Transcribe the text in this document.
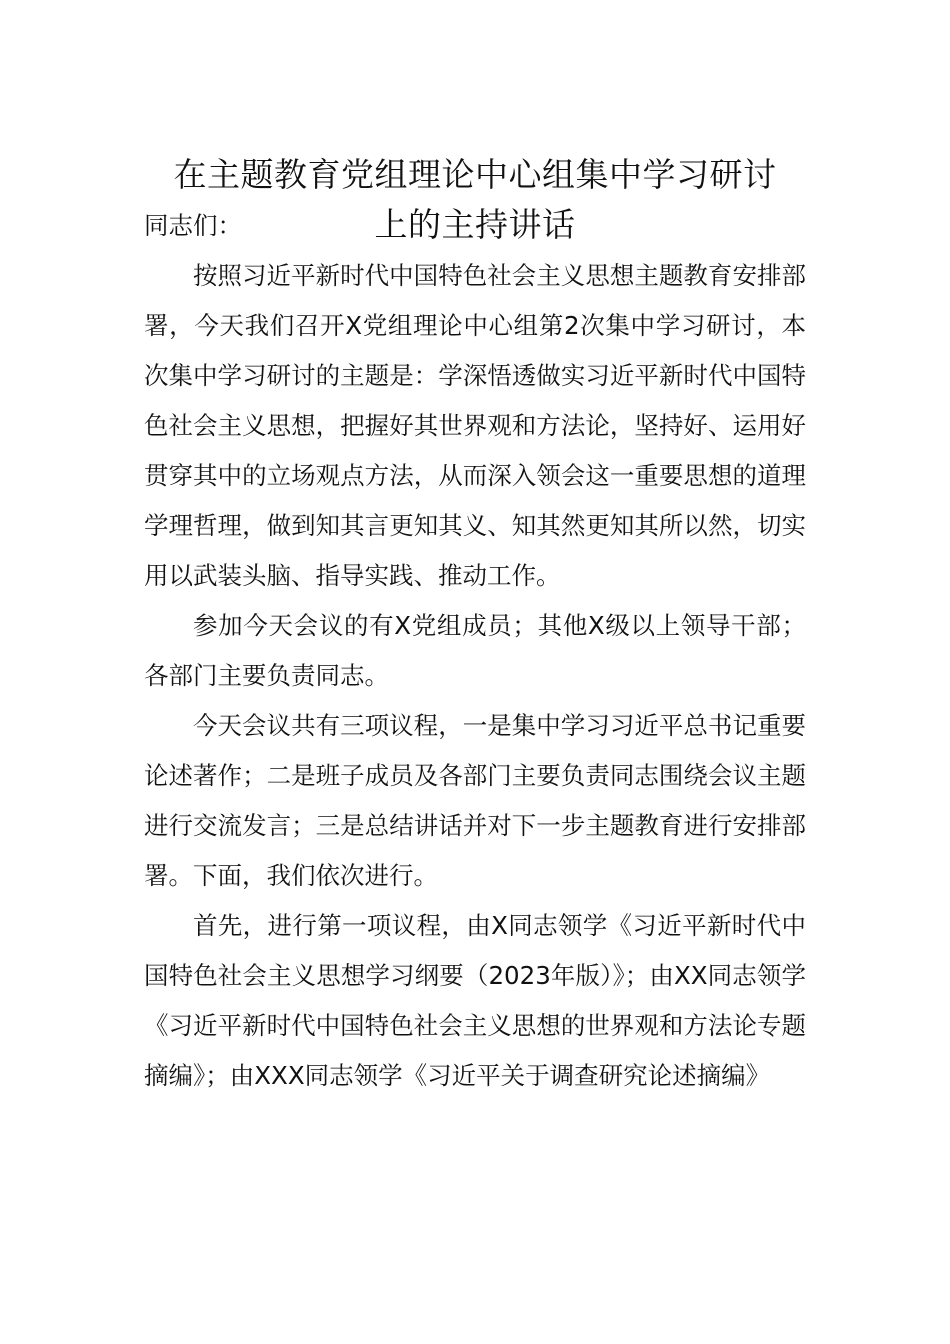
在主题教育党组理论中心组集中学习研讨
上的主持讲话

同志们：

按照习近平新时代中国特色社会主义思想主题教育安排部署，今天我们召开X党组理论中心组第2次集中学习研讨，本次集中学习研讨的主题是：学深悟透做实习近平新时代中国特色社会主义思想，把握好其世界观和方法论，坚持好、运用好贯穿其中的立场观点方法，从而深入领会这一重要思想的道理学理哲理，做到知其言更知其义、知其然更知其所以然，切实用以武装头脑、指导实践、推动工作。

参加今天会议的有X党组成员；其他X级以上领导干部；各部门主要负责同志。

今天会议共有三项议程，一是集中学习习近平总书记重要论述著作；二是班子成员及各部门主要负责同志围绕会议主题进行交流发言；三是总结讲话并对下一步主题教育进行安排部署。下面，我们依次进行。

首先，进行第一项议程，由X同志领学《习近平新时代中国特色社会主义思想学习纲要（2023年版）》；由XX同志领学《习近平新时代中国特色社会主义思想的世界观和方法论专题摘编》；由XXX同志领学《习近平关于调查研究论述摘编》
